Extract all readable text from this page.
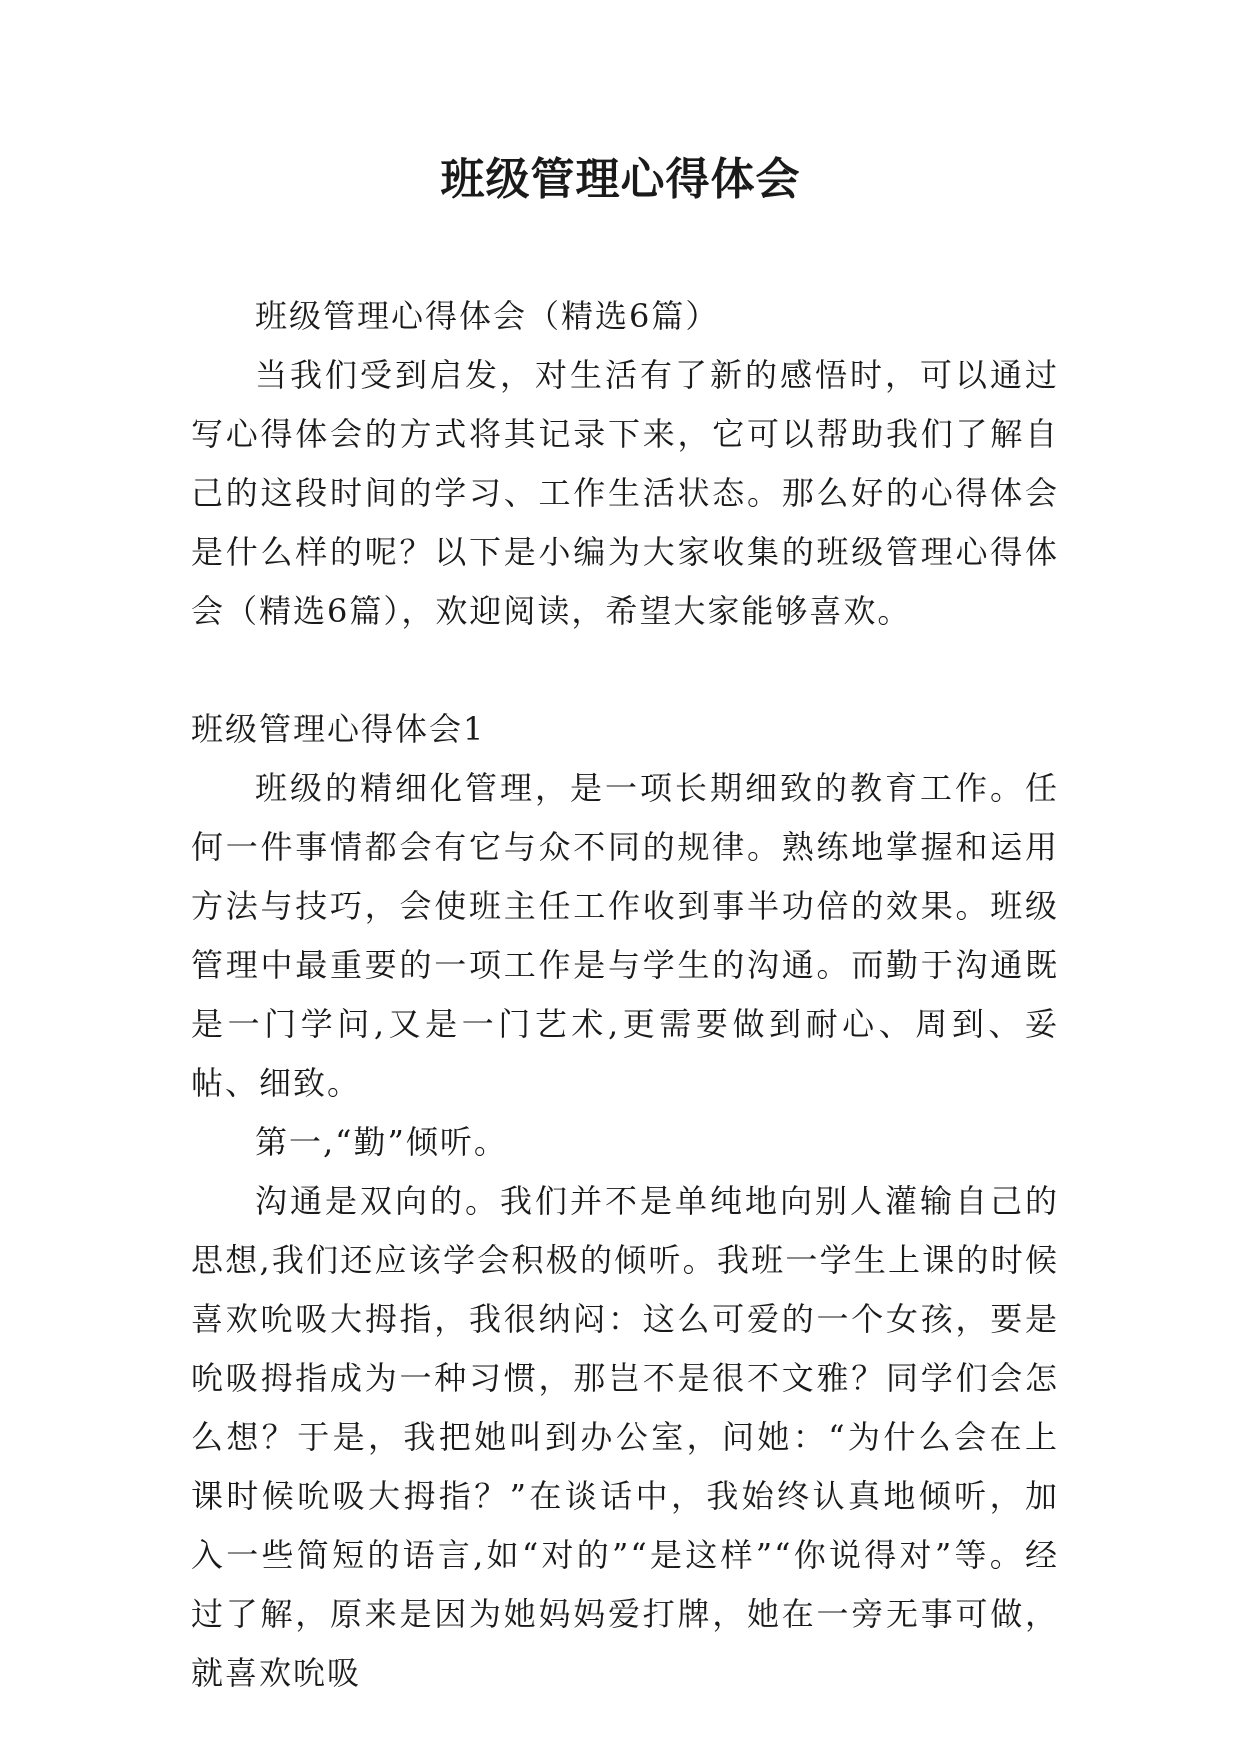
班级管理心得体会

班级管理心得体会（精选6篇）

当我们受到启发，对生活有了新的感悟时，可以通过写心得体会的方式将其记录下来，它可以帮助我们了解自己的这段时间的学习、工作生活状态。那么好的心得体会是什么样的呢？以下是小编为大家收集的班级管理心得体会（精选6篇），欢迎阅读，希望大家能够喜欢。

班级管理心得体会1

班级的精细化管理，是一项长期细致的教育工作。任何一件事情都会有它与众不同的规律。熟练地掌握和运用方法与技巧，会使班主任工作收到事半功倍的效果。班级管理中最重要的一项工作是与学生的沟通。而勤于沟通既是一门学问,又是一门艺术,更需要做到耐心、周到、妥帖、细致。

第一,“勤”倾听。

沟通是双向的。我们并不是单纯地向别人灌输自己的思想,我们还应该学会积极的倾听。我班一学生上课的时候喜欢吮吸大拇指，我很纳闷：这么可爱的一个女孩，要是吮吸拇指成为一种习惯，那岂不是很不文雅？同学们会怎么想？于是，我把她叫到办公室，问她：“为什么会在上课时候吮吸大拇指？”在谈话中，我始终认真地倾听，加入一些简短的语言,如“对的”“是这样”“你说得对”等。经过了解，原来是因为她妈妈爱打牌，她在一旁无事可做，就喜欢吮吸
